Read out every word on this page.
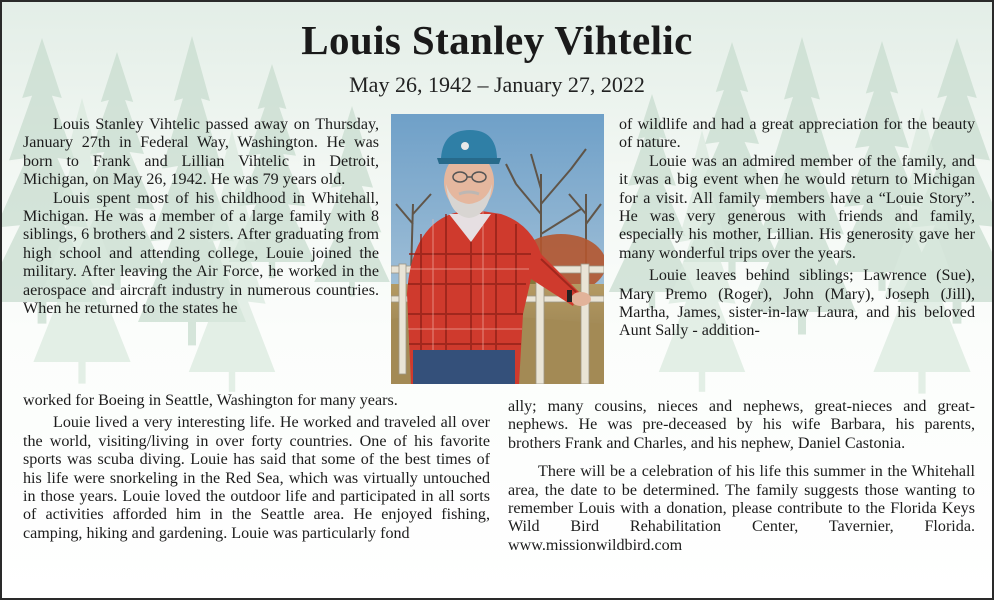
Louis Stanley Vihtelic
May 26, 1942 – January 27, 2022

Louis Stanley Vihtelic passed away on Thursday, January 27th in Federal Way, Washington. He was born to Frank and Lillian Vihtelic in Detroit, Michigan, on May 26, 1942. He was 79 years old.

Louis spent most of his childhood in Whitehall, Michigan. He was a member of a large family with 8 siblings, 6 brothers and 2 sisters. After graduating from high school and attending college, Louie joined the military. After leaving the Air Force, he worked in the aerospace and aircraft industry in numerous countries. When he returned to the states he

worked for Boeing in Seattle, Washington for many years.

Louie lived a very interesting life. He worked and traveled all over the world, visiting/living in over forty countries. One of his favorite sports was scuba diving. Louie has said that some of the best times of his life were snorkeling in the Red Sea, which was virtually untouched in those years. Louie loved the outdoor life and participated in all sorts of activities afforded him in the Seattle area. He enjoyed fishing, camping, hiking and gardening. Louie was particularly fond

of wildlife and had a great appreciation for the beauty of nature.

Louie was an admired member of the family, and it was a big event when he would return to Michigan for a visit. All family members have a “Louie Story”. He was very generous with friends and family, especially his mother, Lillian. His generosity gave her many wonderful trips over the years.

Louie leaves behind siblings; Lawrence (Sue), Mary Premo (Roger), John (Mary), Joseph (Jill), Martha, James, sister-in-law Laura, and his beloved Aunt Sally - addition-

ally; many cousins, nieces and nephews, great-nieces and great-nephews. He was pre-deceased by his wife Barbara, his parents, brothers Frank and Charles, and his nephew, Daniel Castonia.

There will be a celebration of his life this summer in the Whitehall area, the date to be determined. The family suggests those wanting to remember Louis with a donation, please contribute to the Florida Keys Wild Bird Rehabilitation Center, Tavernier, Florida. www.missionwildbird.com
